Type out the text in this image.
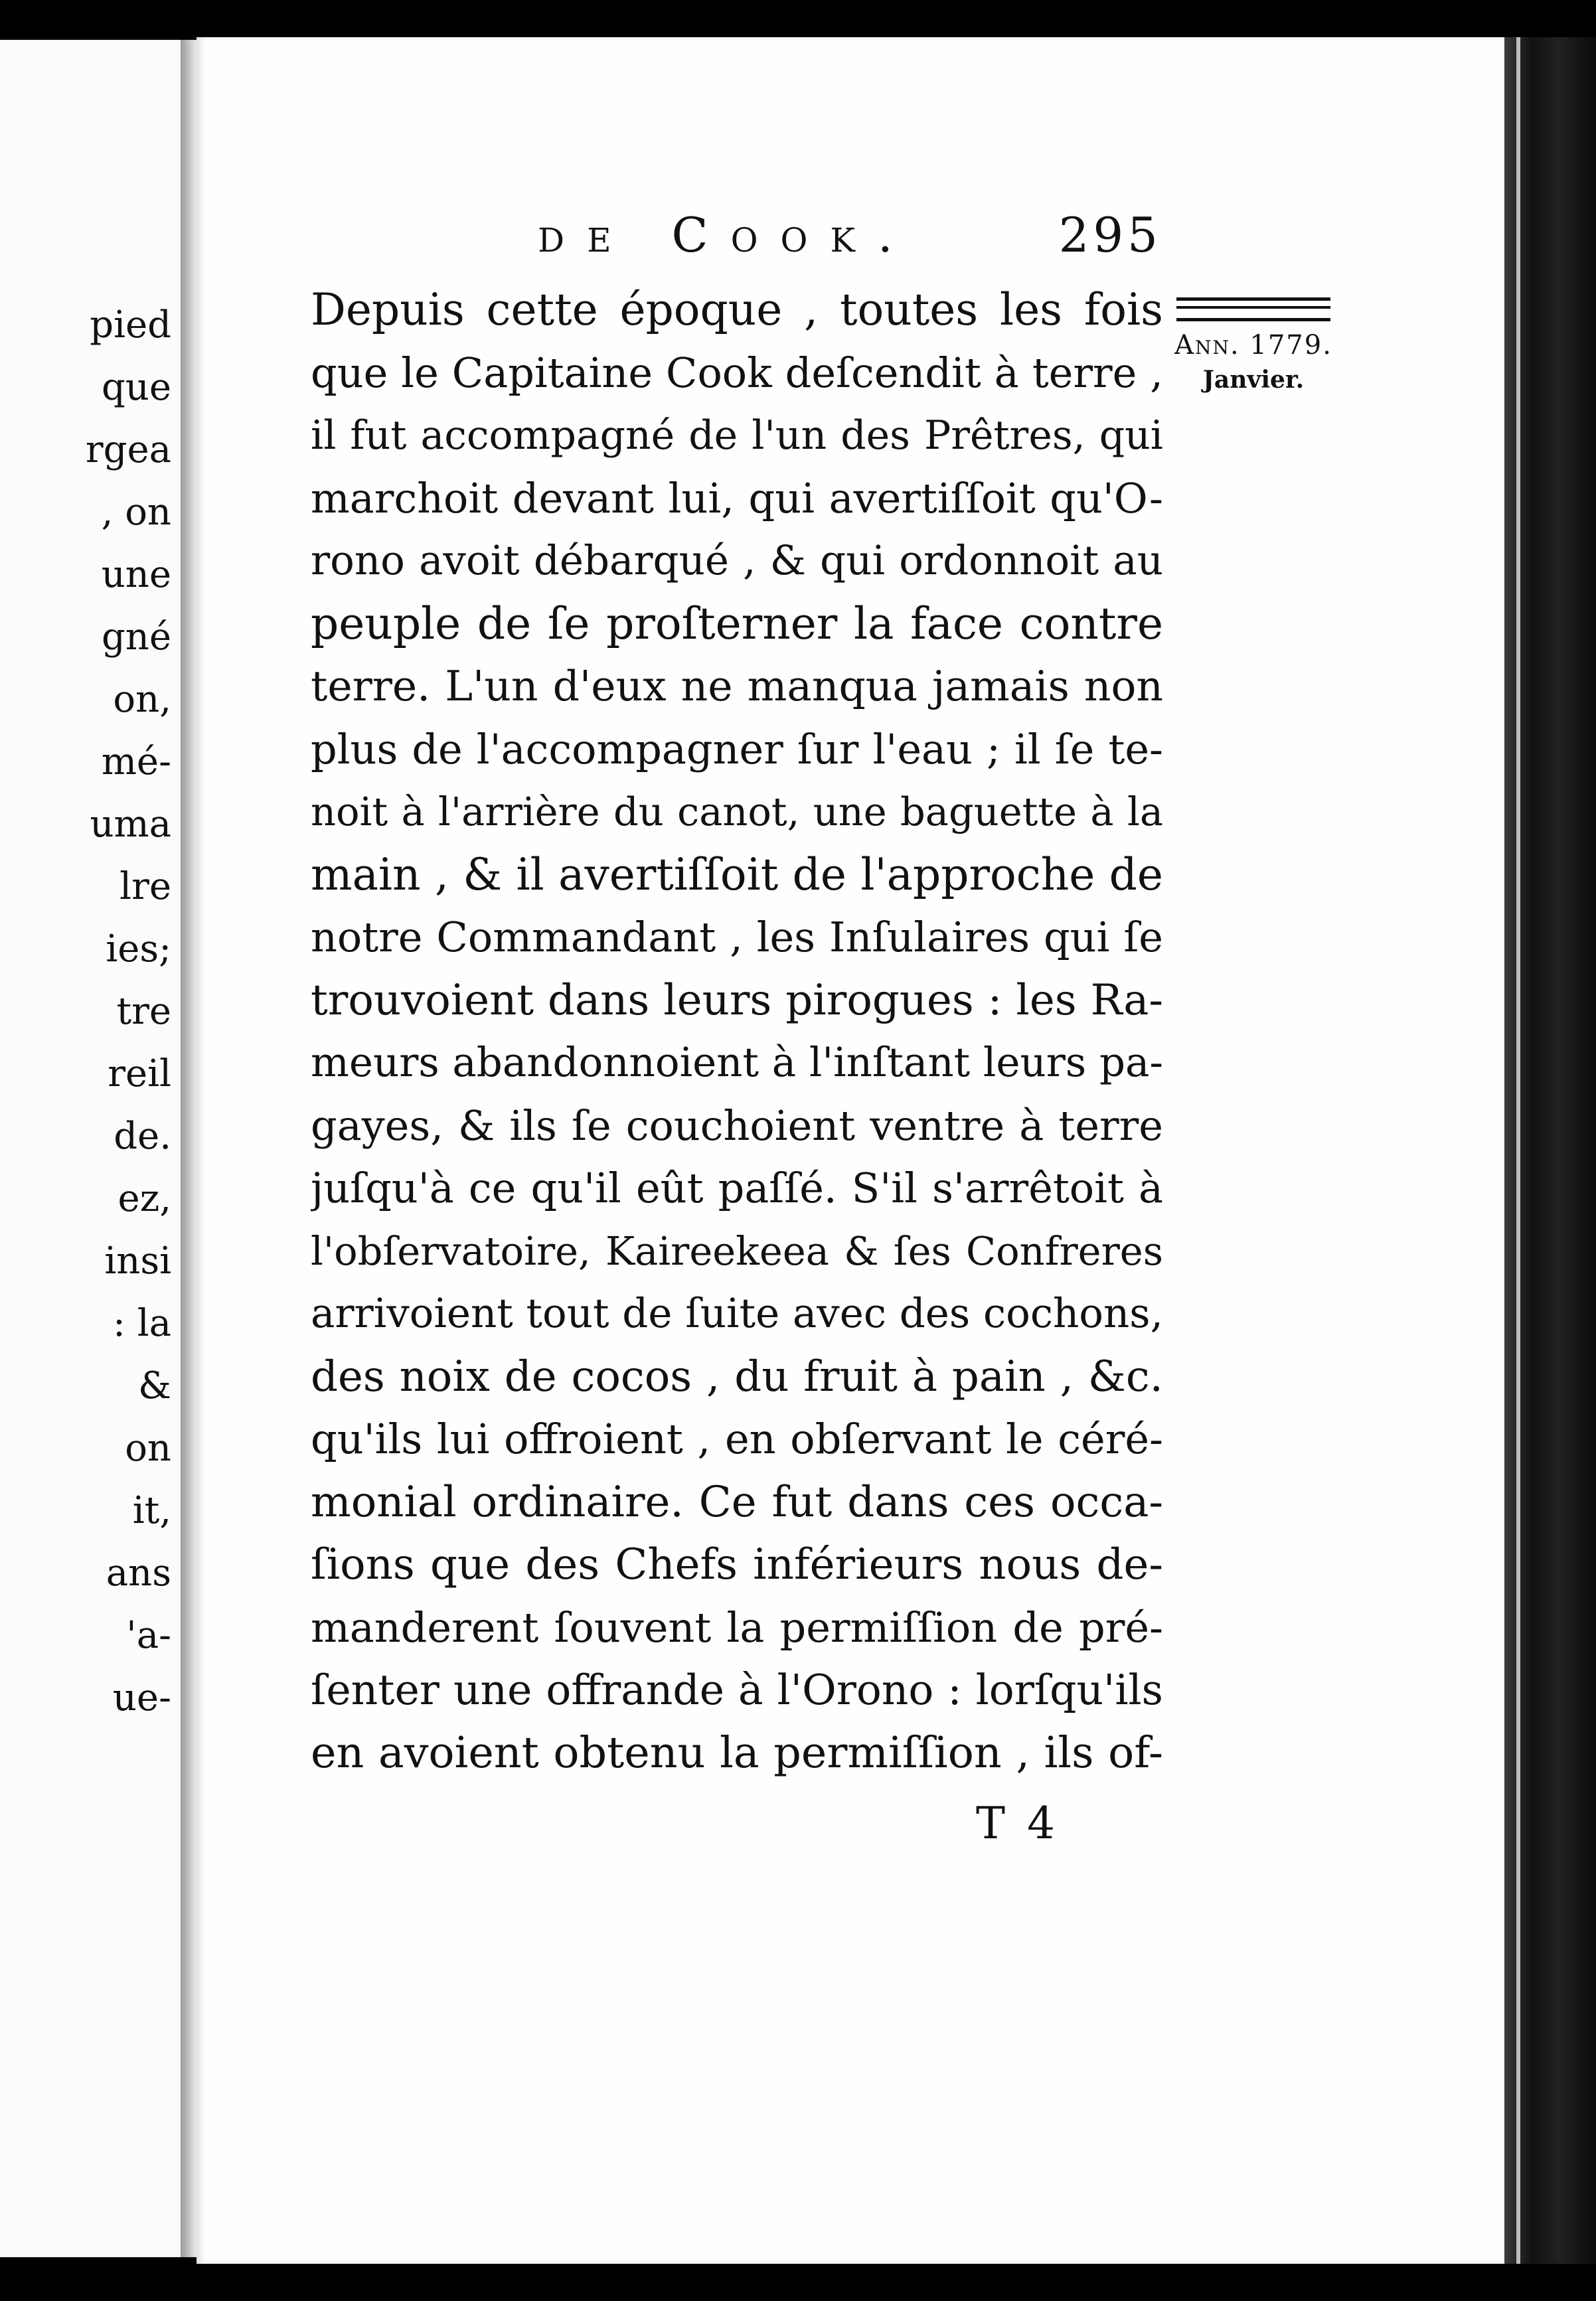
pied
que
rgea
, on
une
gné
on,
mé-
uma
lre
ies;
tre
reil
de.
ez,
insi
: la
&
on
it,
ans
'a-
ue-
de Cook.	295
Ann. 1779.
Janvier.
Depuis cette époque , toutes les fois
que le Capitaine Cook deſcendit à terre ,
il fut accompagné de l'un des Prêtres, qui
marchoit devant lui, qui avertiſſoit qu'O-
rono avoit débarqué , & qui ordonnoit au
peuple de ſe proſterner la face contre
terre. L'un d'eux ne manqua jamais non
plus de l'accompagner ſur l'eau ; il ſe te-
noit à l'arrière du canot, une baguette à la
main , & il avertiſſoit de l'approche de
notre Commandant , les Inſulaires qui ſe
trouvoient dans leurs pirogues : les Ra-
meurs abandonnoient à l'inſtant leurs pa-
gayes, & ils ſe couchoient ventre à terre
juſqu'à ce qu'il eût paſſé. S'il s'arrêtoit à
l'obſervatoire, Kaireekeea & ſes Confreres
arrivoient tout de ſuite avec des cochons,
des noix de cocos , du fruit à pain , &c.
qu'ils lui offroient , en obſervant le céré-
monial ordinaire. Ce fut dans ces occa-
ſions que des Chefs inférieurs nous de-
manderent ſouvent la permiſſion de pré-
ſenter une offrande à l'Orono : lorſqu'ils
en avoient obtenu la permiſſion , ils of-
T 4
